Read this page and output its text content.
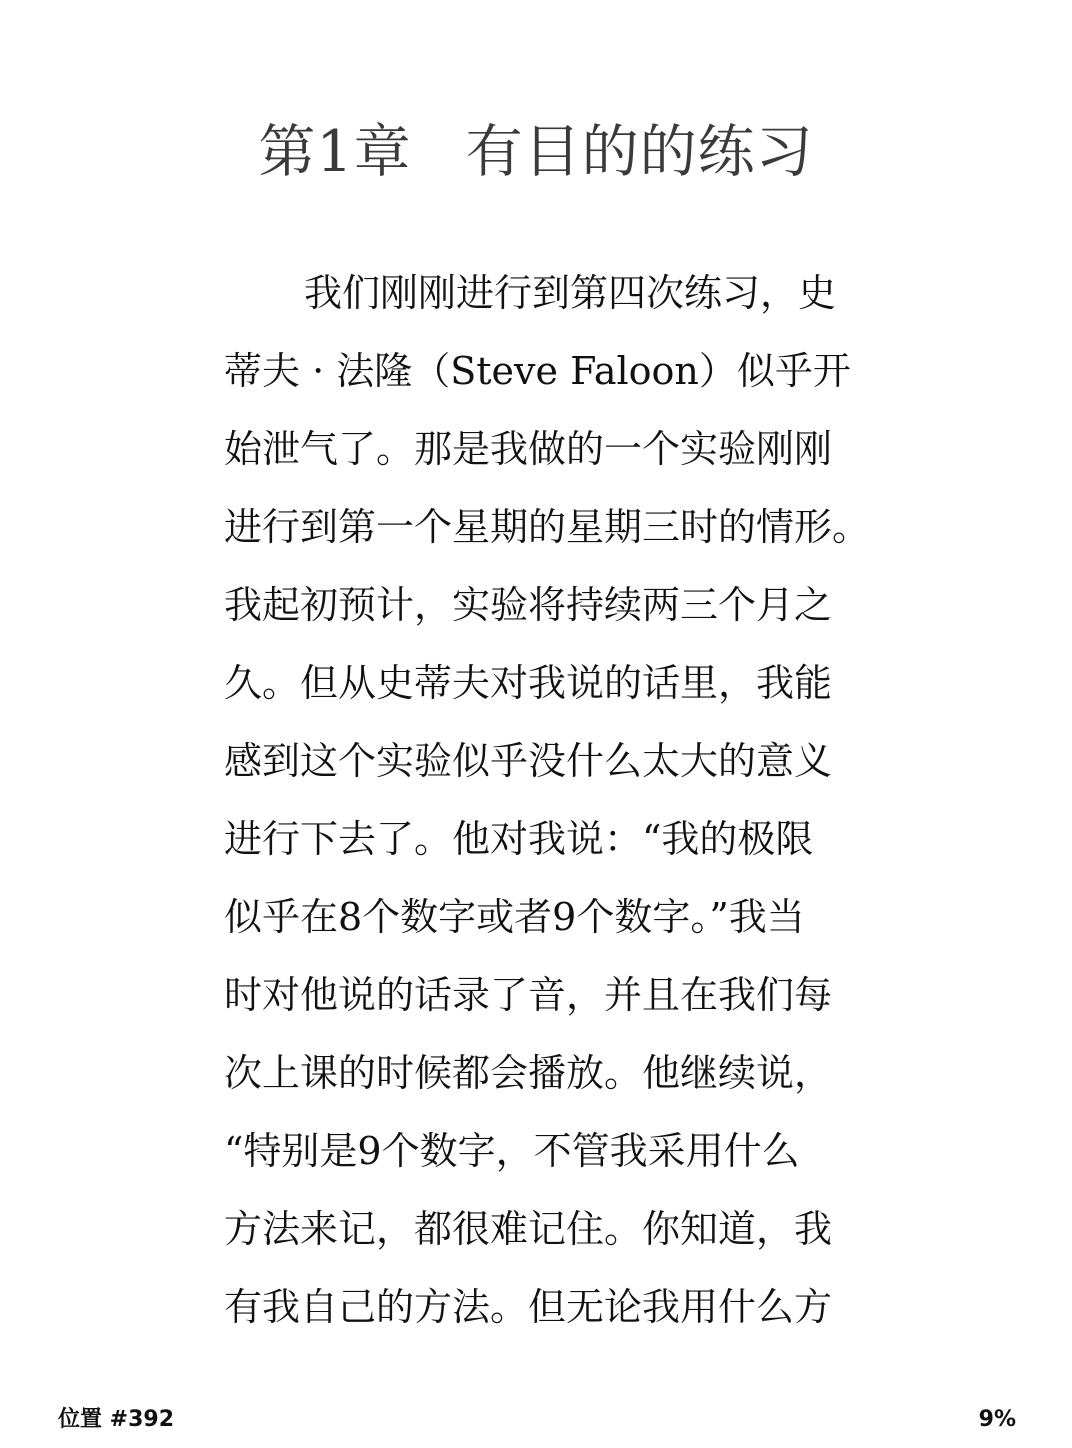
第1章 有目的的练习
我们刚刚进行到第四次练习，史
蒂夫 · 法隆（Steve Faloon）似乎开
始泄气了。那是我做的一个实验刚刚
进行到第一个星期的星期三时的情形。
我起初预计，实验将持续两三个月之
久。但从史蒂夫对我说的话里，我能
感到这个实验似乎没什么太大的意义
进行下去了。他对我说：“我的极限
似乎在8个数字或者9个数字。”我当
时对他说的话录了音，并且在我们每
次上课的时候都会播放。他继续说，
“特别是9个数字，不管我采用什么
方法来记，都很难记住。你知道，我
有我自己的方法。但无论我用什么方
位置 #392	9%
